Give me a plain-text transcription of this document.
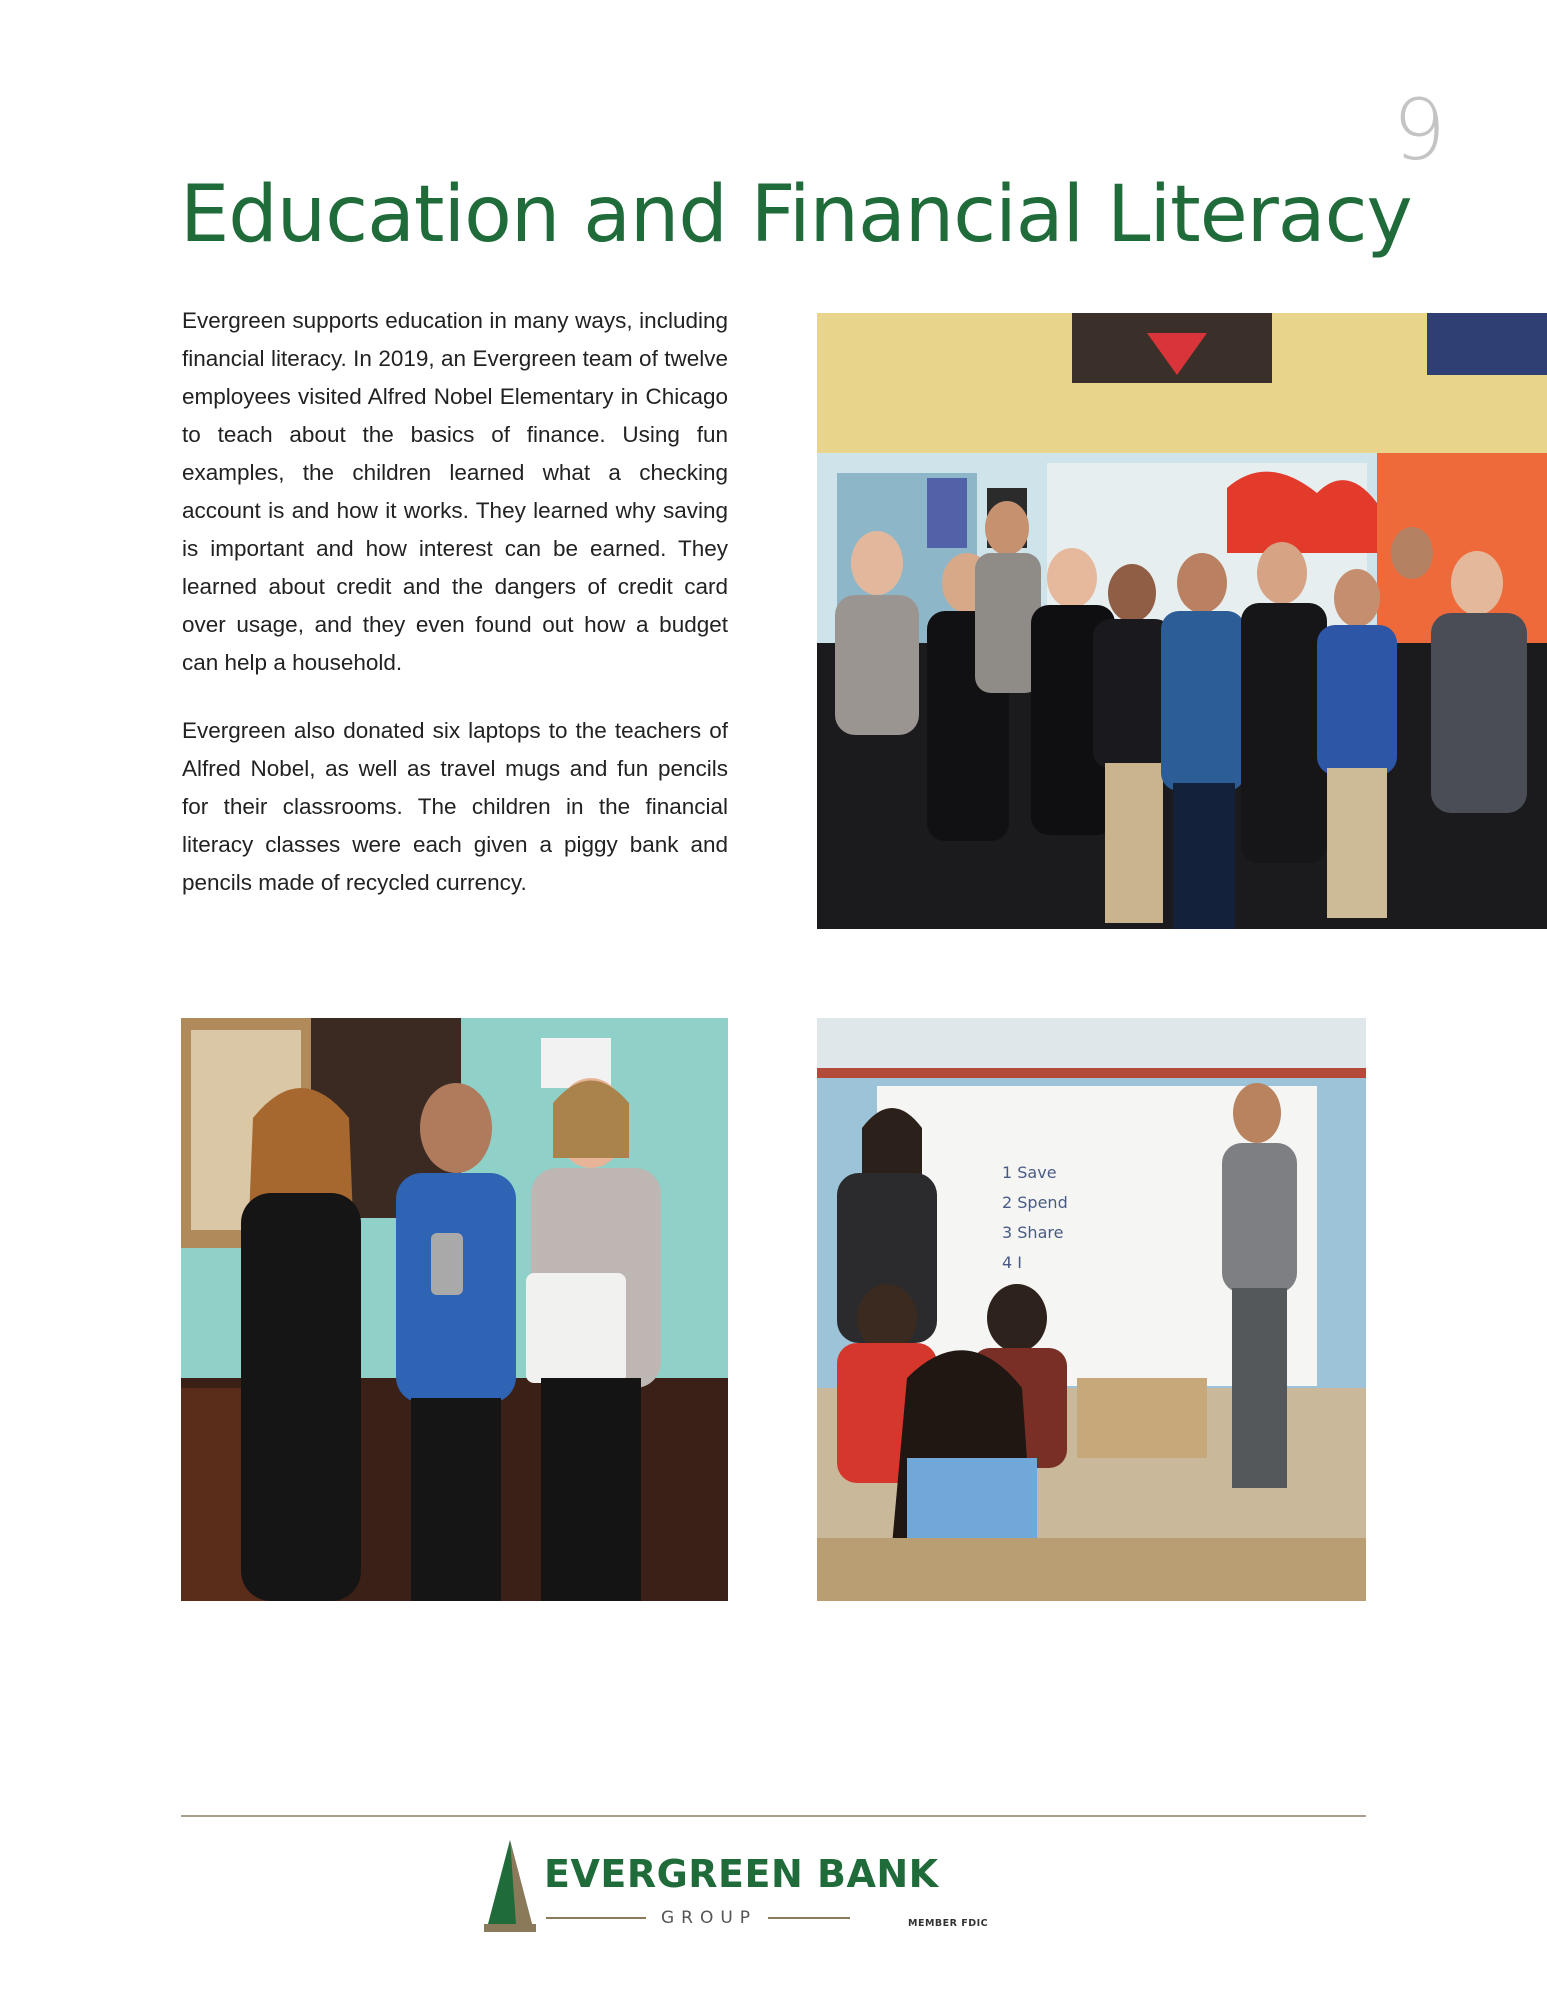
9
Education and Financial Literacy

Evergreen supports education in many ways, including financial literacy. In 2019, an Evergreen team of twelve employees visited Alfred Nobel Elementary in Chicago to teach about the basics of finance. Using fun examples, the children learned what a checking account is and how it works. They learned why saving is important and how interest can be earned. They learned about credit and the dangers of credit card over usage, and they even found out how a budget can help a household.

Evergreen also donated six laptops to the teachers of Alfred Nobel, as well as travel mugs and fun pencils for their classrooms. The children in the financial literacy classes were each given a piggy bank and pencils made of recycled currency.

1 Save
2 Spend
3 Share
4 I
EVERGREEN BANK
GROUP	MEMBER FDIC
